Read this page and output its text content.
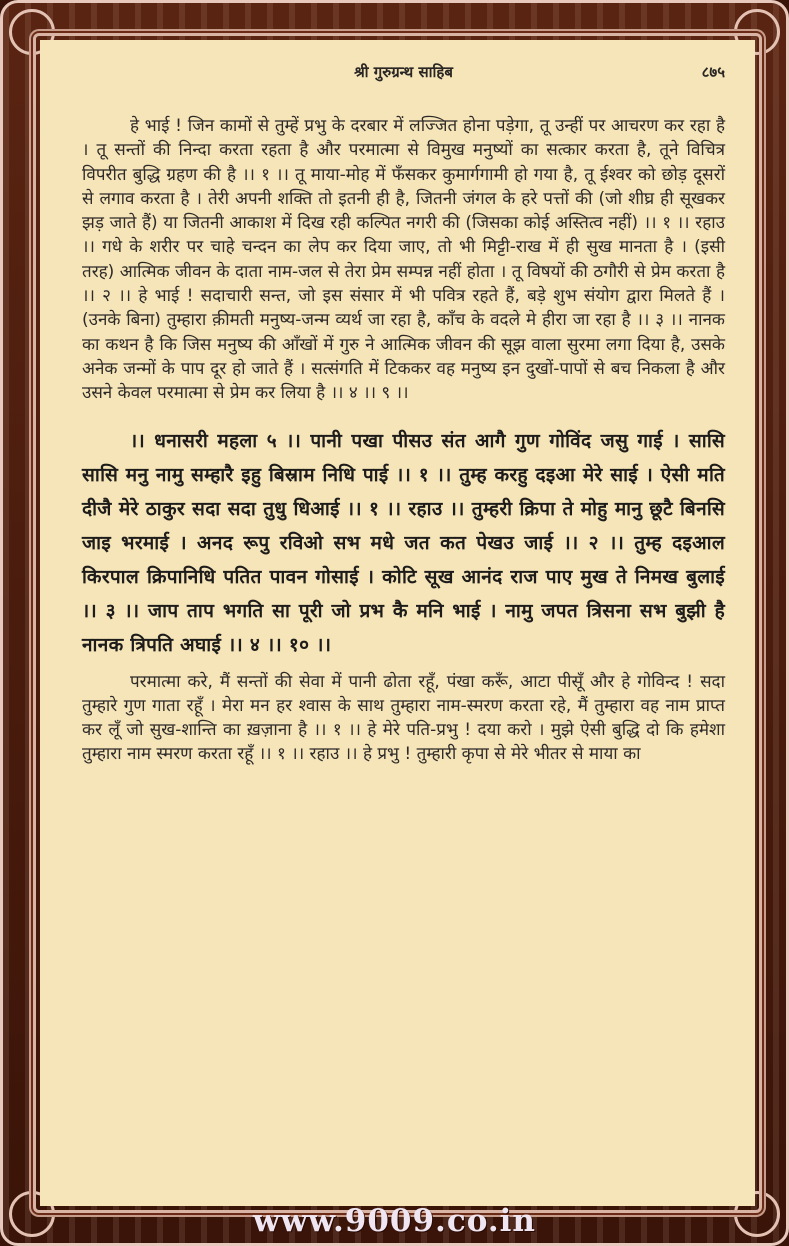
श्री गुरुग्रन्थ साहिब	८७५

हे भाई ! जिन कामों से तुम्हें प्रभु के दरबार में लज्जित होना पड़ेगा, तू उन्हीं पर आचरण कर रहा है । तू सन्तों की निन्दा करता रहता है और परमात्मा से विमुख मनुष्यों का सत्कार करता है, तूने विचित्र विपरीत बुद्धि ग्रहण की है ।। १ ।। तू माया-मोह में फँसकर कुमार्गगामी हो गया है, तू ईश्वर को छोड़ दूसरों से लगाव करता है । तेरी अपनी शक्ति तो इतनी ही है, जितनी जंगल के हरे पत्तों की (जो शीघ्र ही सूखकर झड़ जाते हैं) या जितनी आकाश में दिख रही कल्पित नगरी की (जिसका कोई अस्तित्व नहीं) ।। १ ।। रहाउ ।। गधे के शरीर पर चाहे चन्दन का लेप कर दिया जाए, तो भी मिट्टी-राख में ही सुख मानता है । (इसी तरह) आत्मिक जीवन के दाता नाम-जल से तेरा प्रेम सम्पन्न नहीं होता । तू विषयों की ठगौरी से प्रेम करता है ।। २ ।। हे भाई ! सदाचारी सन्त, जो इस संसार में भी पवित्र रहते हैं, बड़े शुभ संयोग द्वारा मिलते हैं । (उनके बिना) तुम्हारा क़ीमती मनुष्य-जन्म व्यर्थ जा रहा है, काँच के वदले मे हीरा जा रहा है ।। ३ ।। नानक का कथन है कि जिस मनुष्य की आँखों में गुरु ने आत्मिक जीवन की सूझ वाला सुरमा लगा दिया है, उसके अनेक जन्मों के पाप दूर हो जाते हैं । सत्संगति में टिककर वह मनुष्य इन दुखों-पापों से बच निकला है और उसने केवल परमात्मा से प्रेम कर लिया है ।। ४ ।। ९ ।।

।। धनासरी महला ५ ।। पानी पखा पीसउ संत आगै गुण गोविंद जसु गाई । सासि सासि मनु नामु सम्हारै इहु बिस्राम निधि पाई ।। १ ।। तुम्ह करहु दइआ मेरे साई । ऐसी मति दीजै मेरे ठाकुर सदा सदा तुधु धिआई ।। १ ।। रहाउ ।। तुम्हरी क्रिपा ते मोहु मानु छूटै बिनसि जाइ भरमाई । अनद रूपु रविओ सभ मधे जत कत पेखउ जाई ।। २ ।। तुम्ह दइआल किरपाल क्रिपानिधि पतित पावन गोसाई । कोटि सूख आनंद राज पाए मुख ते निमख बुलाई ।। ३ ।। जाप ताप भगति सा पूरी जो प्रभ कै मनि भाई । नामु जपत त्रिसना सभ बुझी है नानक त्रिपति अघाई ।। ४ ।। १० ।।

परमात्मा करे, मैं सन्तों की सेवा में पानी ढोता रहूँ, पंखा करूँ, आटा पीसूँ और हे गोविन्द ! सदा तुम्हारे गुण गाता रहूँ । मेरा मन हर श्वास के साथ तुम्हारा नाम-स्मरण करता रहे, मैं तुम्हारा वह नाम प्राप्त कर लूँ जो सुख-शान्ति का ख़ज़ाना है ।। १ ।। हे मेरे पति-प्रभु ! दया करो । मुझे ऐसी बुद्धि दो कि हमेशा तुम्हारा नाम स्मरण करता रहूँ ।। १ ।। रहाउ ।। हे प्रभु ! तुम्हारी कृपा से मेरे भीतर से माया का

www.9009.co.in
